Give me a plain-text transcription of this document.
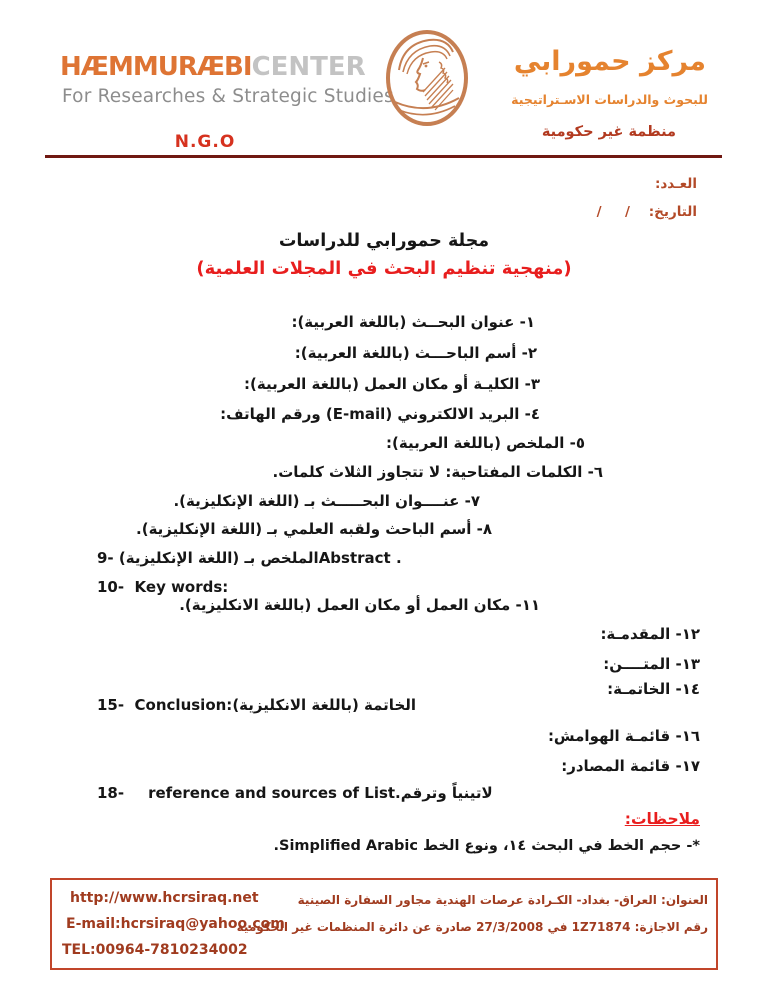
HÆMMURÆBICENTER
For Researches & Strategic Studies
N.G.O
مركز حمورابي
للبحوث والدراسات الاسـتراتيجية
منظمة غير حكومية
العـدد:
التاريخ:    /     /
مجلة حمورابي للدراسات
(منهجية تنظيم البحث في المجلات العلمية)
١- عنوان البحــث (باللغة العربية):
٢- أسم الباحـــث (باللغة العربية):
٣- الكليـة أو مكان العمل (باللغة العربية):
٤- البريد الالكتروني (E-mail) ورقم الهاتف:
٥- الملخص (باللغة العربية):
٦- الكلمات المفتاحية: لا تتجاوز الثلاث كلمات.
٧- عنــــوان البحـــــث بـ (اللغة الإنكليزية).
٨- أسم الباحث ولقبه العلمي بـ (اللغة الإنكليزية).
9- الملخص بـ (اللغة الإنكليزية)Abstract .
10-  Key words:
١١- مكان العمل أو مكان العمل (باللغة الانكليزية).
١٢- المقدمـة:
١٣- المتــــن:
١٤- الخاتمـة:
15-  Conclusion:الخاتمة (باللغة الانكليزية)
١٦- قائمـة الهوامش:
١٧- قائمة المصادر:
18- reference and sources of List.وترقم لاتينياً
ملاحظات:
*- حجم الخط في البحث ١٤، ونوع الخط Simplified Arabic.
http://www.hcrsiraq.net
E-mail:hcrsiraq@yahoo.com
TEL:00964-7810234002
العنوان: العراق- بغداد- الكـرادة عرصات الهندية مجاور السفارة الصينية
رقم الاجازة: 1Z71874 في 27/3/2008 صادرة عن دائرة المنظمات غير الحكومية
